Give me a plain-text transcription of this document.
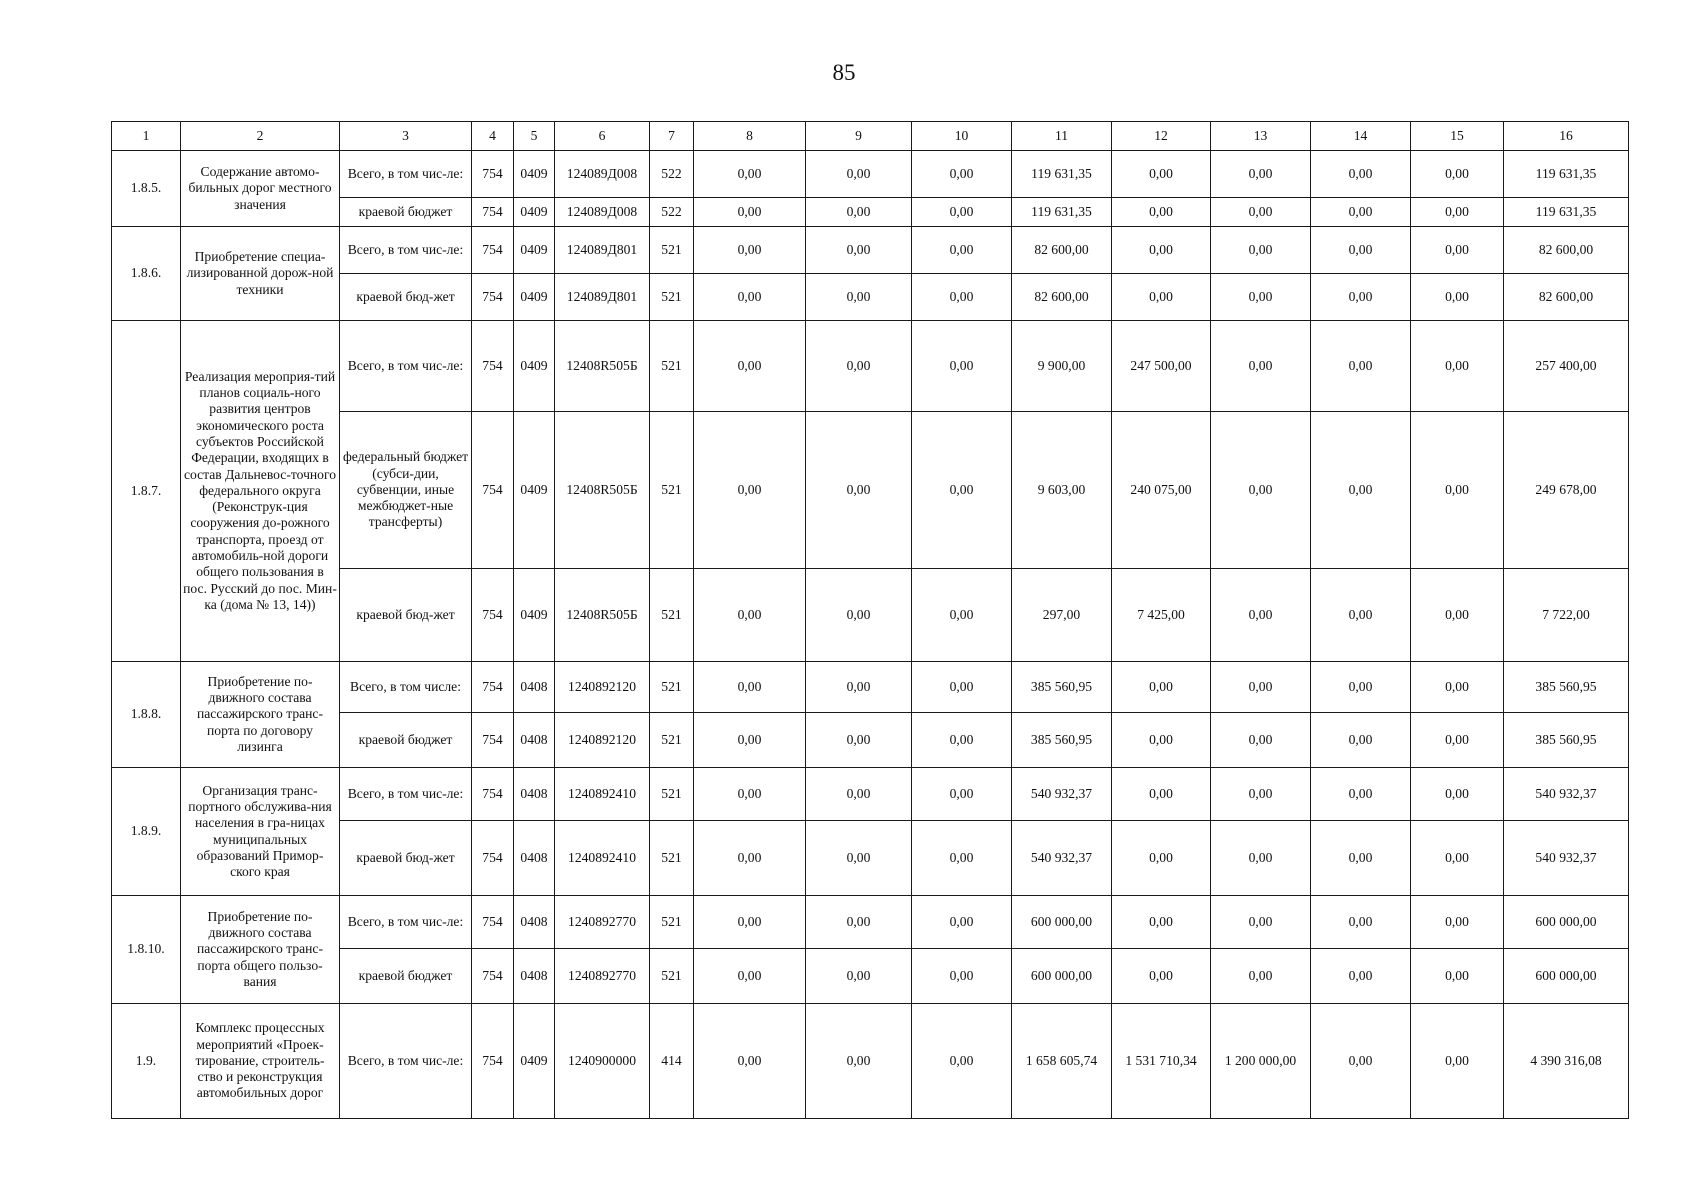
85
1	2	3	4	5	6	7	8	9	10	11	12	13	14	15	16
1.8.5.	Содержание автомо-бильных дорог местного значения	Всего, в том чис-ле:	754	0409	124089Д008	522	0,00	0,00	0,00	119 631,35	0,00	0,00	0,00	0,00	119 631,35
		краевой бюджет	754	0409	124089Д008	522	0,00	0,00	0,00	119 631,35	0,00	0,00	0,00	0,00	119 631,35
1.8.6.	Приобретение специа-лизированной дорож-ной техники	Всего, в том чис-ле:	754	0409	124089Д801	521	0,00	0,00	0,00	82 600,00	0,00	0,00	0,00	0,00	82 600,00
		краевой бюд-жет	754	0409	124089Д801	521	0,00	0,00	0,00	82 600,00	0,00	0,00	0,00	0,00	82 600,00
1.8.7.	Реализация мероприя-тий планов социаль-ного развития центров экономического роста субъектов Российской Федерации, входящих в состав Дальневос-точного федерального округа (Реконструк-ция сооружения до-рожного транспорта, проезд от автомобиль-ной дороги общего пользования в пос. Русский до пос. Мин-ка (дома № 13, 14))	Всего, в том чис-ле:	754	0409	12408R505Б	521	0,00	0,00	0,00	9 900,00	247 500,00	0,00	0,00	0,00	257 400,00
		федеральный бюджет (субси-дии, субвенции, иные межбюджет-ные трансферты)	754	0409	12408R505Б	521	0,00	0,00	0,00	9 603,00	240 075,00	0,00	0,00	0,00	249 678,00
		краевой бюд-жет	754	0409	12408R505Б	521	0,00	0,00	0,00	297,00	7 425,00	0,00	0,00	0,00	7 722,00
1.8.8.	Приобретение по-движного состава пассажирского транс-порта по договору лизинга	Всего, в том числе:	754	0408	1240892120	521	0,00	0,00	0,00	385 560,95	0,00	0,00	0,00	0,00	385 560,95
		краевой бюджет	754	0408	1240892120	521	0,00	0,00	0,00	385 560,95	0,00	0,00	0,00	0,00	385 560,95
1.8.9.	Организация транс-портного обслужива-ния населения в гра-ницах муниципальных образований Примор-ского края	Всего, в том чис-ле:	754	0408	1240892410	521	0,00	0,00	0,00	540 932,37	0,00	0,00	0,00	0,00	540 932,37
		краевой бюд-жет	754	0408	1240892410	521	0,00	0,00	0,00	540 932,37	0,00	0,00	0,00	0,00	540 932,37
1.8.10.	Приобретение по-движного состава пассажирского транс-порта общего пользо-вания	Всего, в том чис-ле:	754	0408	1240892770	521	0,00	0,00	0,00	600 000,00	0,00	0,00	0,00	0,00	600 000,00
		краевой бюджет	754	0408	1240892770	521	0,00	0,00	0,00	600 000,00	0,00	0,00	0,00	0,00	600 000,00
1.9.	Комплекс процессных мероприятий «Проек-тирование, строитель-ство и реконструкция автомобильных дорог	Всего, в том чис-ле:	754	0409	1240900000	414	0,00	0,00	0,00	1 658 605,74	1 531 710,34	1 200 000,00	0,00	0,00	4 390 316,08
